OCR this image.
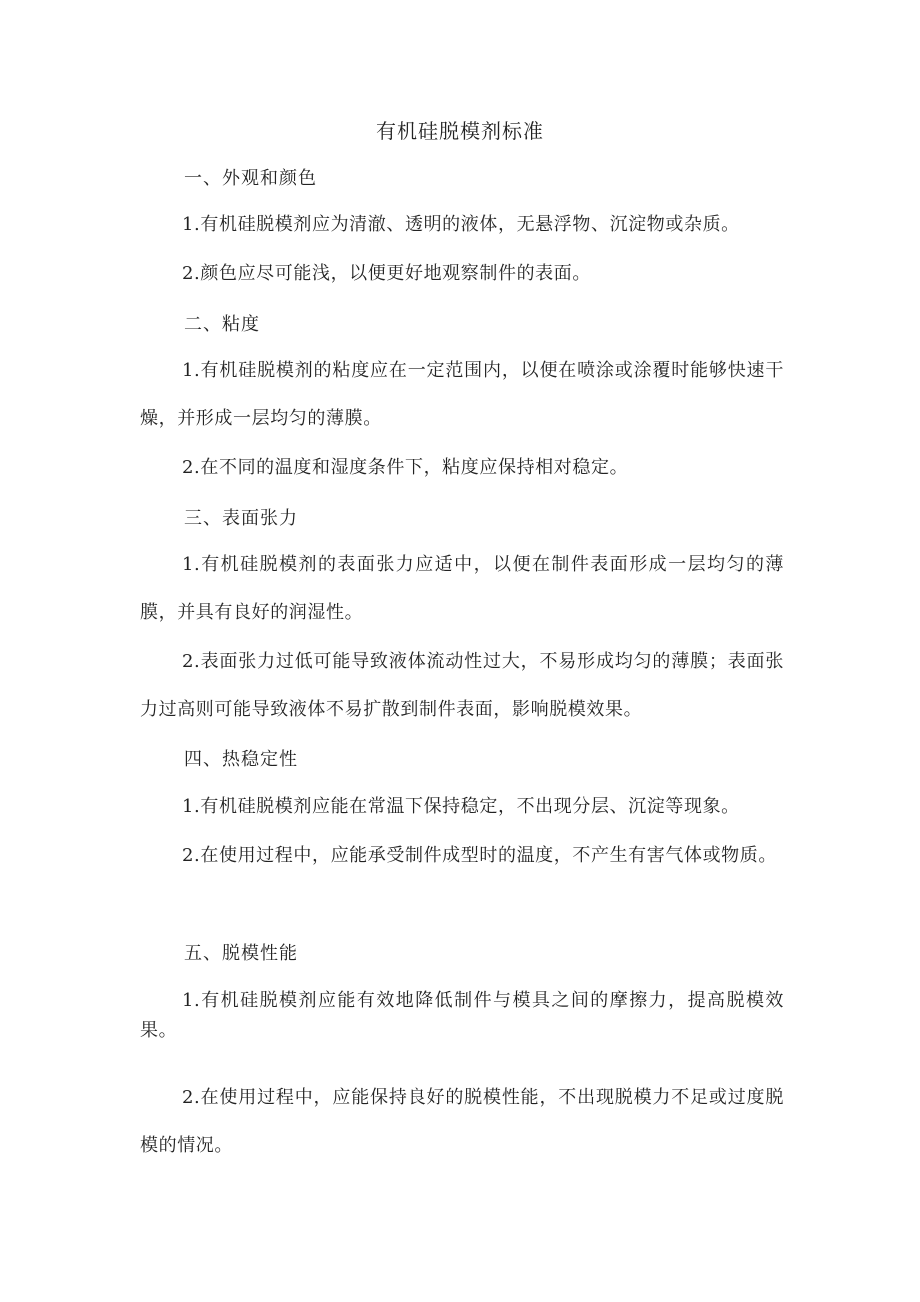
有机硅脱模剂标准

一、外观和颜色

1.有机硅脱模剂应为清澈、透明的液体，无悬浮物、沉淀物或杂质。

2.颜色应尽可能浅，以便更好地观察制件的表面。

二、粘度

1.有机硅脱模剂的粘度应在一定范围内，以便在喷涂或涂覆时能够快速干燥，并形成一层均匀的薄膜。

2.在不同的温度和湿度条件下，粘度应保持相对稳定。

三、表面张力

1.有机硅脱模剂的表面张力应适中，以便在制件表面形成一层均匀的薄膜，并具有良好的润湿性。

2.表面张力过低可能导致液体流动性过大，不易形成均匀的薄膜；表面张力过高则可能导致液体不易扩散到制件表面，影响脱模效果。

四、热稳定性

1.有机硅脱模剂应能在常温下保持稳定，不出现分层、沉淀等现象。

2.在使用过程中，应能承受制件成型时的温度，不产生有害气体或物质。

五、脱模性能

1.有机硅脱模剂应能有效地降低制件与模具之间的摩擦力，提高脱模效果。

2.在使用过程中，应能保持良好的脱模性能，不出现脱模力不足或过度脱模的情况。
